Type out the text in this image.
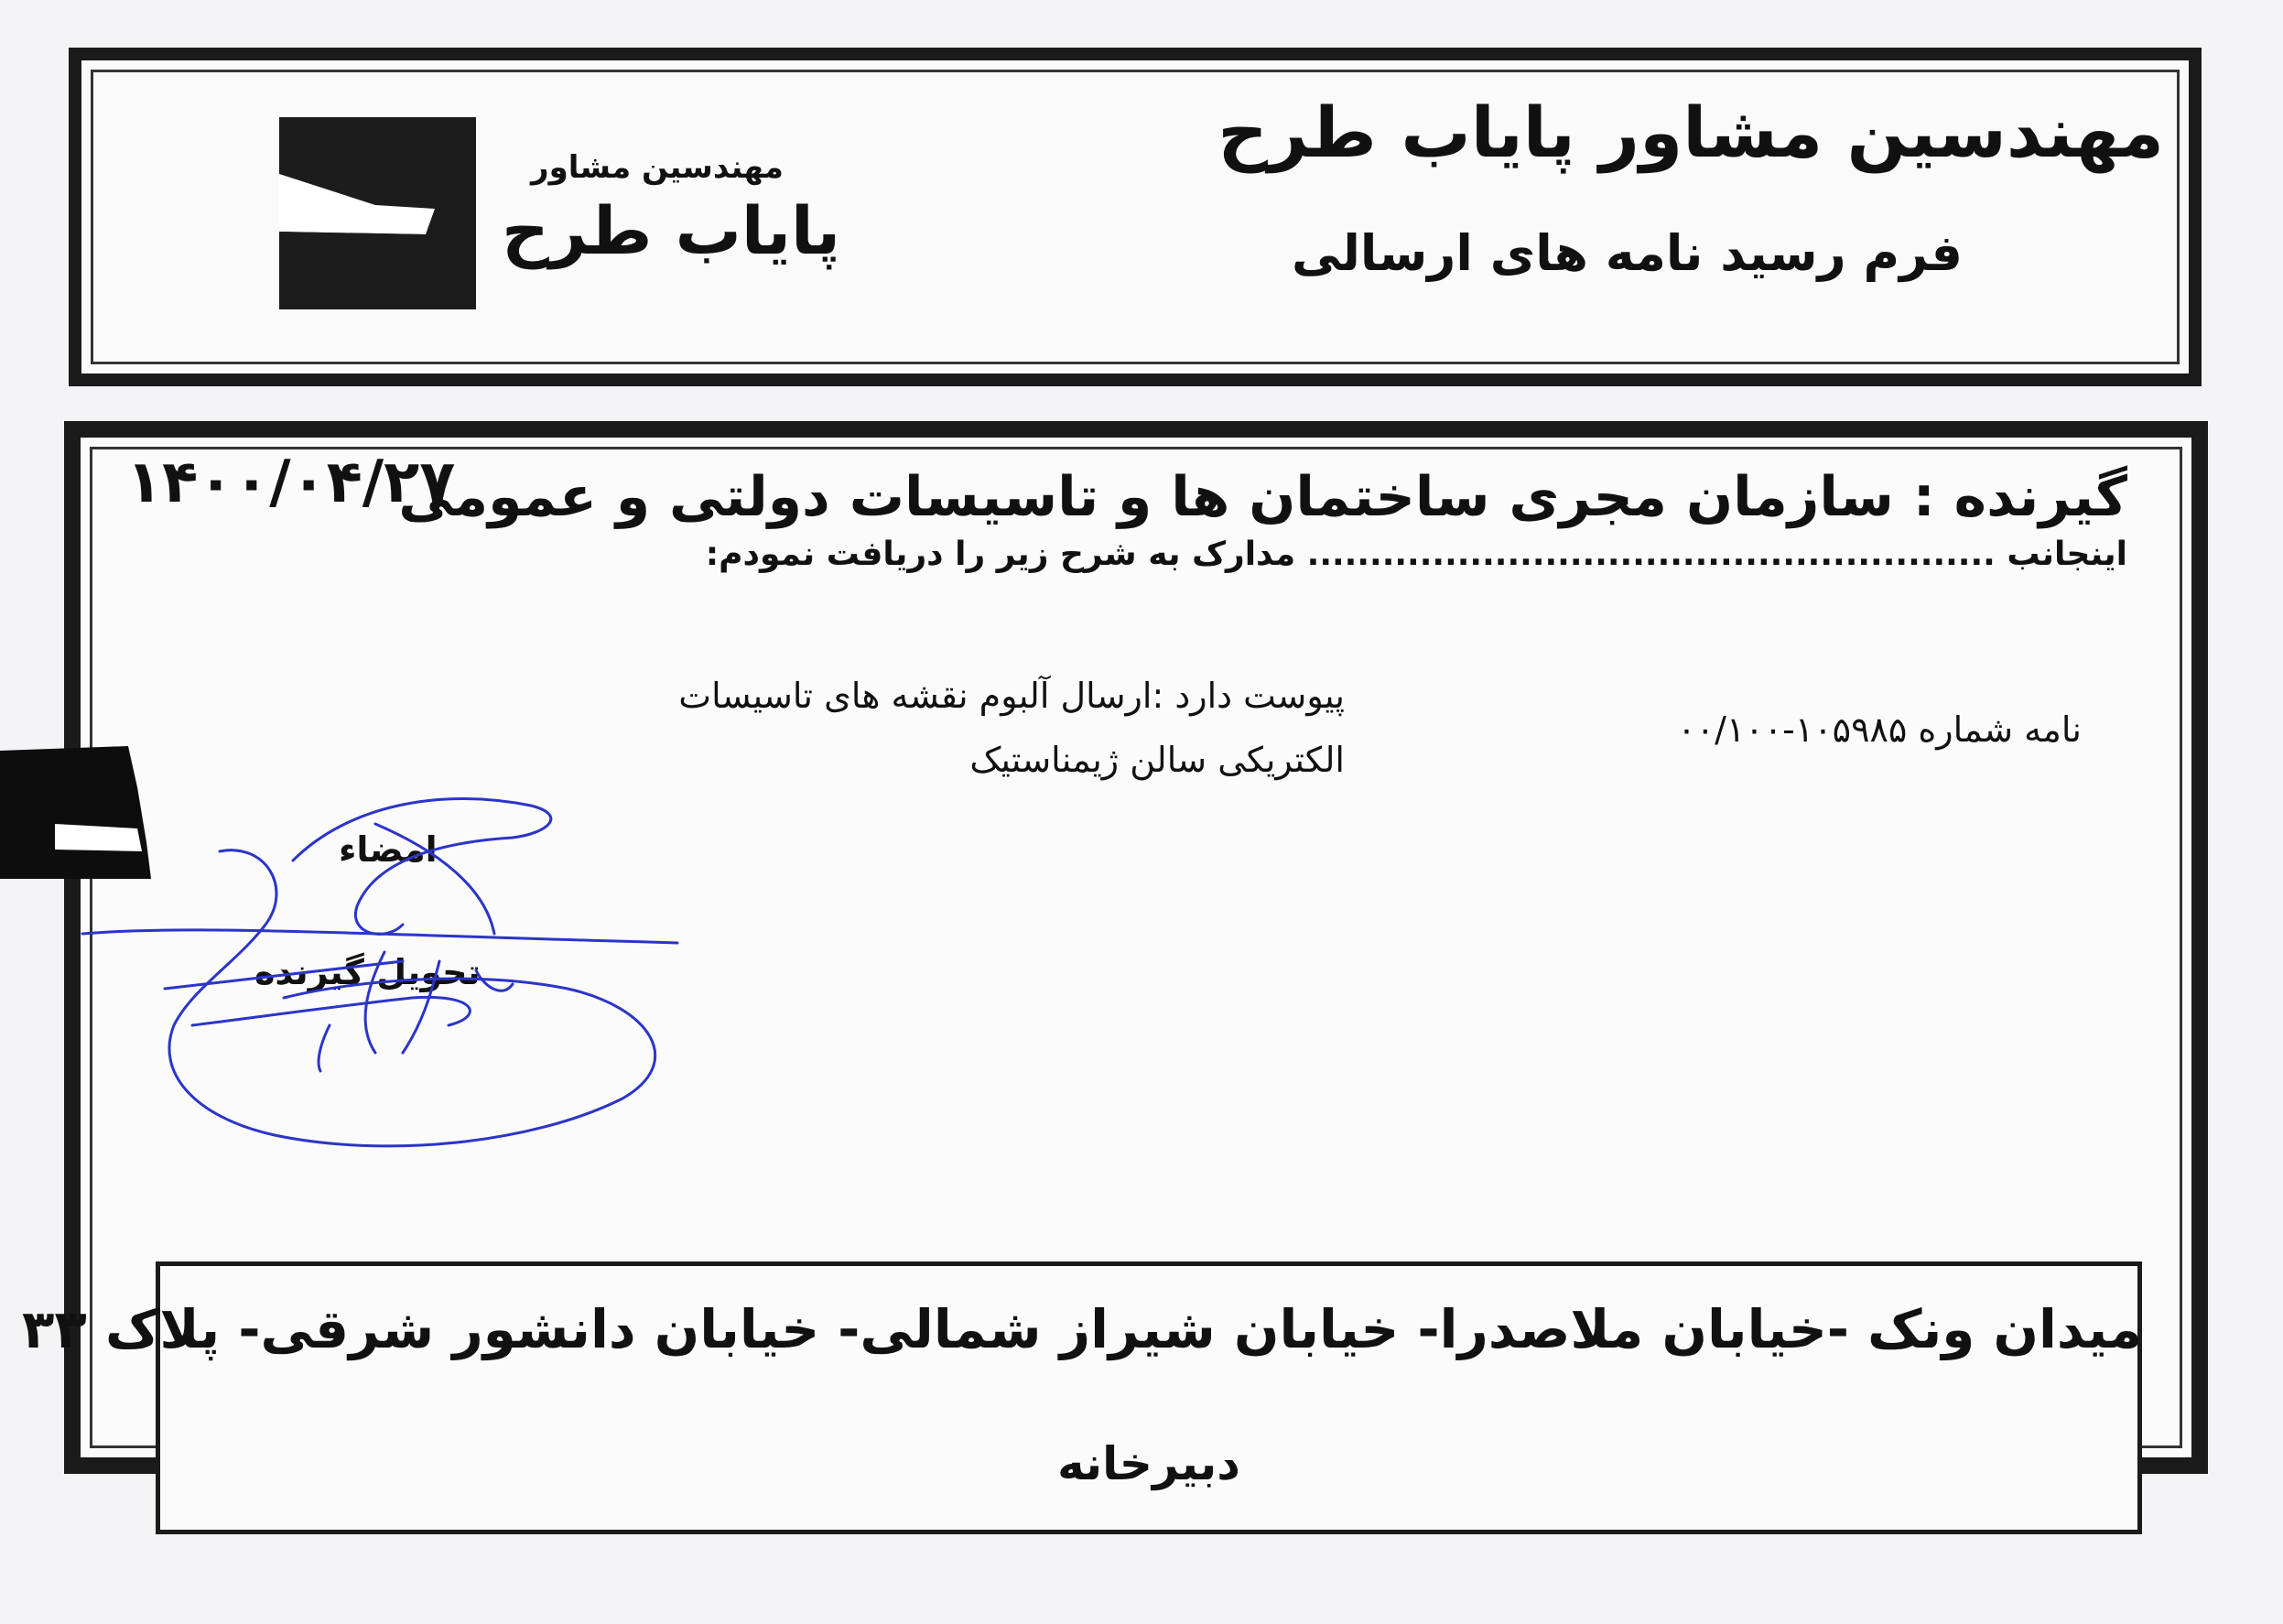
مهندسین مشاور پایاب طرح
فرم رسید نامه های ارسالی
مهندسین مشاور
پایاب طرح
۱۴۰۰/۰۴/۲۷
گیرنده : سازمان مجری ساختمان ها و تاسیسات دولتی و عمومی
اینجانب ....................................................... مدارک به شرح زیر را دریافت نمودم:
نامه شماره ۱۰۵۹۸۵-۰۰/۱۰۰
پیوست دارد :ارسال آلبوم نقشه های تاسیسات
الکتریکی سالن ژیمناستیک
امضاء
تحویل گیرنده
میدان ونک -خیابان ملاصدرا- خیابان شیراز شمالی- خیابان دانشور شرقی- پلاک ۳۳
دبیرخانه
